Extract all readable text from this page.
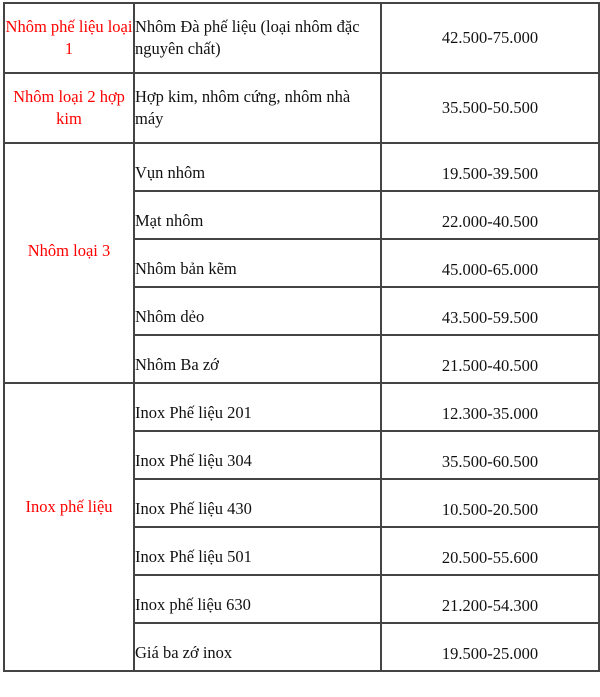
Nhôm phế liệu loại 1	Nhôm Đà phế liệu (loại nhôm đặc nguyên chất)	42.500-75.000
Nhôm loại 2 hợp kim	Hợp kim, nhôm cứng, nhôm nhà máy	35.500-50.500
Nhôm loại 3	Vụn nhôm	19.500-39.500
	Mạt nhôm	22.000-40.500
	Nhôm bản kẽm	45.000-65.000
	Nhôm dẻo	43.500-59.500
	Nhôm Ba zớ	21.500-40.500
Inox phế liệu	Inox Phế liệu 201	12.300-35.000
	Inox Phế liệu 304	35.500-60.500
	Inox Phế liệu 430	10.500-20.500
	Inox Phế liệu 501	20.500-55.600
	Inox phế liệu 630	21.200-54.300
	Giá ba zớ inox	19.500-25.000
